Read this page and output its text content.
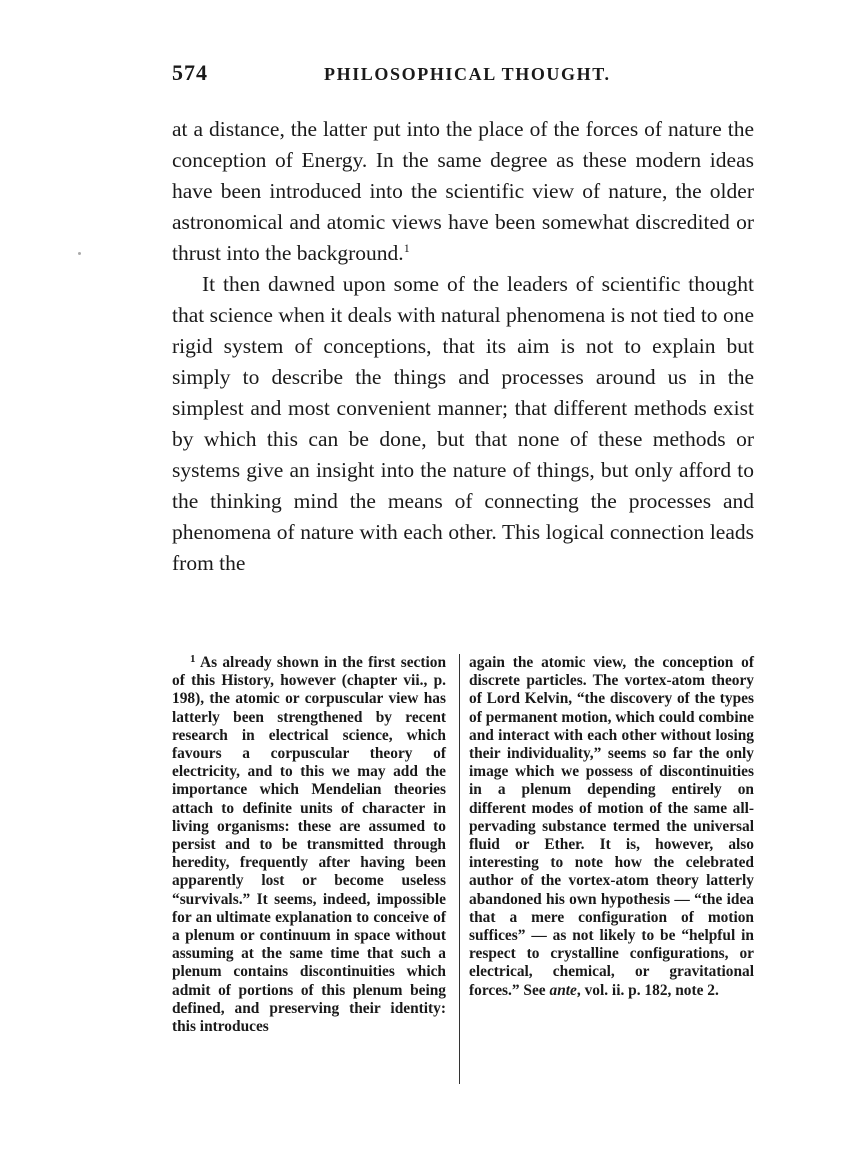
574	PHILOSOPHICAL THOUGHT.

at a distance, the latter put into the place of the forces of nature the conception of Energy. In the same degree as these modern ideas have been introduced into the scientific view of nature, the older astronomical and atomic views have been somewhat discredited or thrust into the background.$^1$

It then dawned upon some of the leaders of scientific thought that science when it deals with natural phenomena is not tied to one rigid system of conceptions, that its aim is not to explain but simply to describe the things and processes around us in the simplest and most convenient manner; that different methods exist by which this can be done, but that none of these methods or systems give an insight into the nature of things, but only afford to the thinking mind the means of connecting the processes and phenomena of nature with each other. This logical connection leads from the

$^1$ As already shown in the first section of this History, however (chapter vii., p. 198), the atomic or corpuscular view has latterly been strengthened by recent research in electrical science, which favours a corpuscular theory of electricity, and to this we may add the importance which Mendelian theories attach to definite units of character in living organisms: these are assumed to persist and to be transmitted through heredity, frequently after having been apparently lost or become useless “survivals.” It seems, indeed, impossible for an ultimate explanation to conceive of a plenum or continuum in space without assuming at the same time that such a plenum contains discontinuities which admit of portions of this plenum being defined, and preserving their identity: this introduces

again the atomic view, the conception of discrete particles. The vortex-atom theory of Lord Kelvin, “the discovery of the types of permanent motion, which could combine and interact with each other without losing their individuality,” seems so far the only image which we possess of discontinuities in a plenum depending entirely on different modes of motion of the same all-pervading substance termed the universal fluid or Ether. It is, however, also interesting to note how the celebrated author of the vortex-atom theory latterly abandoned his own hypothesis — “the idea that a mere configuration of motion suffices” — as not likely to be “helpful in respect to crystalline configurations, or electrical, chemical, or gravitational forces.” See ante, vol. ii. p. 182, note 2.
